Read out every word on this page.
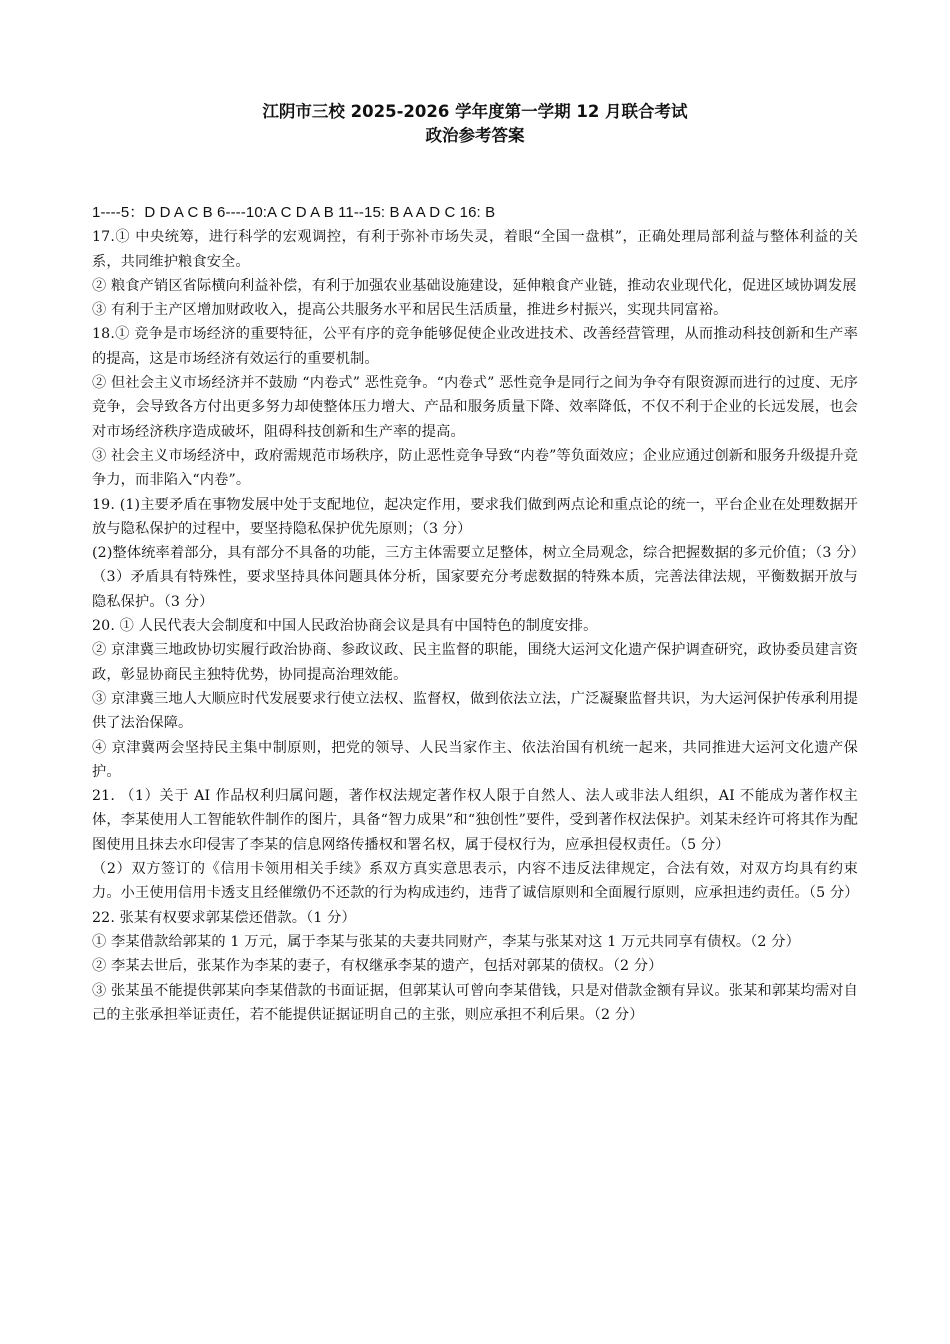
江阴市三校 2025-2026 学年度第一学期 12 月联合考试
政治参考答案

1----5：D D A C B 6----10:A C D A B 11--15: B A A D C 16: B

17.① 中央统筹，进行科学的宏观调控，有利于弥补市场失灵，着眼“全国一盘棋”，正确处理局部利益与整体利益的关系，共同维护粮食安全。

② 粮食产销区省际横向利益补偿，有利于加强农业基础设施建设，延伸粮食产业链，推动农业现代化，促进区域协调发展

③ 有利于主产区增加财政收入，提高公共服务水平和居民生活质量，推进乡村振兴，实现共同富裕。

18.① 竞争是市场经济的重要特征，公平有序的竞争能够促使企业改进技术、改善经营管理，从而推动科技创新和生产率的提高，这是市场经济有效运行的重要机制。

② 但社会主义市场经济并不鼓励 “内卷式” 恶性竞争。“内卷式” 恶性竞争是同行之间为争夺有限资源而进行的过度、无序竞争，会导致各方付出更多努力却使整体压力增大、产品和服务质量下降、效率降低，不仅不利于企业的长远发展，也会对市场经济秩序造成破坏，阻碍科技创新和生产率的提高。

③ 社会主义市场经济中，政府需规范市场秩序，防止恶性竞争导致“内卷”等负面效应；企业应通过创新和服务升级提升竞争力，而非陷入“内卷”。

19. (1)主要矛盾在事物发展中处于支配地位，起决定作用，要求我们做到两点论和重点论的统一，平台企业在处理数据开放与隐私保护的过程中，要坚持隐私保护优先原则；（3 分）

(2)整体统率着部分，具有部分不具备的功能，三方主体需要立足整体，树立全局观念，综合把握数据的多元价值；（3 分）

（3）矛盾具有特殊性，要求坚持具体问题具体分析，国家要充分考虑数据的特殊本质，完善法律法规，平衡数据开放与隐私保护。（3 分）

20. ① 人民代表大会制度和中国人民政治协商会议是具有中国特色的制度安排。

② 京津冀三地政协切实履行政治协商、参政议政、民主监督的职能，围绕大运河文化遗产保护调查研究，政协委员建言资政，彰显协商民主独特优势，协同提高治理效能。

③ 京津冀三地人大顺应时代发展要求行使立法权、监督权，做到依法立法，广泛凝聚监督共识，为大运河保护传承利用提供了法治保障。

④ 京津冀两会坚持民主集中制原则，把党的领导、人民当家作主、依法治国有机统一起来，共同推进大运河文化遗产保护。

21. （1）关于 AI 作品权利归属问题，著作权法规定著作权人限于自然人、法人或非法人组织，AI 不能成为著作权主体，李某使用人工智能软件制作的图片，具备“智力成果”和“独创性”要件，受到著作权法保护。刘某未经许可将其作为配图使用且抹去水印侵害了李某的信息网络传播权和署名权，属于侵权行为，应承担侵权责任。（5 分）

（2）双方签订的《信用卡领用相关手续》系双方真实意思表示，内容不违反法律规定，合法有效，对双方均具有约束力。小王使用信用卡透支且经催缴仍不还款的行为构成违约，违背了诚信原则和全面履行原则，应承担违约责任。（5 分）

22. 张某有权要求郭某偿还借款。（1 分）

① 李某借款给郭某的 1 万元，属于李某与张某的夫妻共同财产，李某与张某对这 1 万元共同享有债权。（2 分）

② 李某去世后，张某作为李某的妻子，有权继承李某的遗产，包括对郭某的债权。（2 分）

③ 张某虽不能提供郭某向李某借款的书面证据，但郭某认可曾向李某借钱，只是对借款金额有异议。张某和郭某均需对自己的主张承担举证责任，若不能提供证据证明自己的主张，则应承担不利后果。（2 分）
